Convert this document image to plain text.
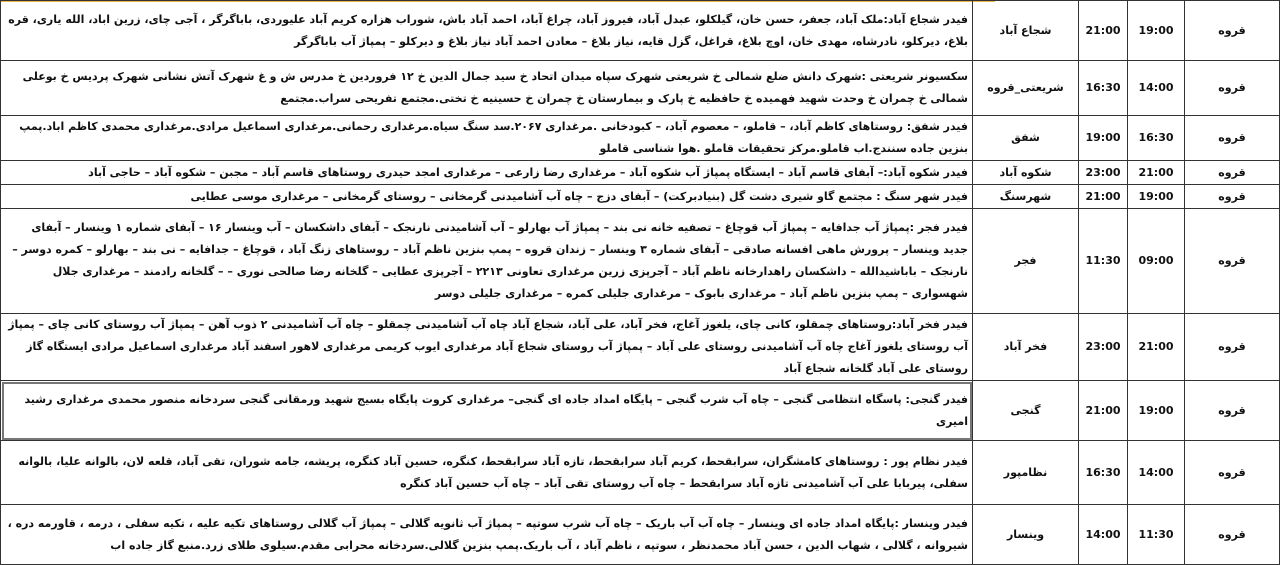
قروه	19:00	21:00	شجاع آباد	فیدر شجاع آباد:ملک آباد، جعفر، حسن خان، گیلکلو، عبدل آباد، فیروز آباد، چراغ آباد، احمد آباد باش، شوراب هزاره کریم آباد علیوردی، باباگرگر ، آجی چای، زرین اباد، الله یاری، قره بلاغ، دیرکلو، نادرشاه، مهدی خان، اوچ بلاغ، قراغل، گزل قایه، نیاز بلاغ – معادن احمد آباد نیاز بلاغ و دیرکلو – پمپاژ آب باباگرگر
قروه	14:00	16:30	شریعتی_قروه	سکسیونر شریعتی :شهرک دانش ضلع شمالی خ شریعتی شهرک سپاه میدان اتحاد خ سید جمال الدین خ ۱۲ فروردین خ مدرس ش و غ شهرک آتش نشانی شهرک پردیس خ بوعلی شمالی خ چمران خ وحدت شهید فهمیده خ حافظیه خ پارک و بیمارستان خ چمران خ حسینیه خ تختی.مجتمع تفریحی سراب.مجتمع
قروه	16:30	19:00	شفق	فیدر شفق: روستاهای کاظم آباد، – قاملو، – معصوم آباد، – کبودخانی .مرغداری ۲۰۶۷.سد سنگ سیاه.مرغداری رحمانی.مرغداری اسماعیل مرادی.مرغداری محمدی کاظم اباد.پمپ بنزین جاده سنندج.اب قاملو.مرکز تحقیقات قاملو .هوا شناسی قاملو
قروه	21:00	23:00	شکوه آباد	فیدر شکوه آباد:– آبفای قاسم آباد – ایستگاه پمپاژ آب شکوه آباد – مرغداری رضا زارعی – مرغداری امجد حیدری روستاهای قاسم آباد – مجبن – شکوه آباد – حاجی آباد
قروه	19:00	21:00	شهرسنگ	فیدر شهر سنگ : مجتمع گاو شیری دشت گل (بنیادبرکت) – آبفای دزج – چاه آب آشامیدنی گرمخانی – روستای گرمخانی – مرغداری موسی عطایی
قروه	09:00	11:30	فجر	فیدر فجر :پمپاژ آب جدافایه – پمپاژ آب قوچاغ – تصفیه خانه نی بند – پمپاژ آب بهارلو – آب آشامیدنی نارنجک – آبفای داشکسان – آب وینسار ۱۶ – آبفای شماره ۱ وینسار – آبفای جدید وینسار – پرورش ماهی افسانه صادقی – آبفای شماره ۳ وینسار – زندان قروه – پمپ بنزین ناظم آباد – روستاهای زنگ آباد ، قوچاغ – جدافایه – نی بند – بهارلو – کمره دوسر – نارنجک – باباشیدالله – داشکسان راهدارخانه ناظم آباد – آجرپزی زرین مرغداری تعاونی ۲۲۱۳ – آجرپزی عطایی – گلخانه رضا صالحی نوری – – گلخانه رادمند – مرغداری جلال شهسواری – پمپ بنزین ناظم آباد – مرغداری بابوک – مرغداری جلیلی کمره – مرغداری جلیلی دوسر
قروه	21:00	23:00	فخر آباد	فیدر فخر آباد:روستاهای چمقلو، کانی چای، یلغوز آغاج، فخر آباد، علی آباد، شجاع آباد چاه آب آشامیدنی چمقلو – چاه آب آشامیدنی ۲ ذوب آهن – پمپاژ آب روستای کانی چای – پمپاژ آب روستای یلغوز آغاج چاه آب آشامیدنی روستای علی آباد – پمپاژ آب روستای شجاع آباد مرغداری ایوب کریمی مرغداری لاهور اسفند آباد مرغداری اسماعیل مرادی ایستگاه گاز روستای علی آباد گلخانه شجاع آباد
قروه	19:00	21:00	گنجی	فیدر گنجی: پاسگاه انتظامی گنجی – چاه آب شرب گنجی – پایگاه امداد جاده ای گنجی– مرغداری کروت پایگاه بسیج شهید ورمقانی گنجی سردخانه منصور محمدی مرغداری رشید امیری
قروه	14:00	16:30	نظامپور	فیدر نظام پور : روستاهای کامشگران، سرابقحط، کریم آباد سرابقحط، تازه آباد سرابقحط، کنگره، حسین آباد کنگره، پریشه، جامه شوران، تقی آباد، قلعه لان، بالوانه علیا، بالوانه سفلی، پیربابا علی آب آشامیدنی تازه آباد سرابقحط – چاه آب روستای تقی آباد – چاه آب حسین آباد کنگره
قروه	11:30	14:00	وینسار	فیدر وینسار :پایگاه امداد جاده ای وینسار – چاه آب آب باریک – چاه آب شرب سوتپه – پمپاژ آب ثانویه گلالی – پمپاژ آب گلالی روستاهای تکیه علیه ، تکیه سفلی ، درمه ، قاورمه دره ، شیروانه ، گلالی ، شهاب الدین ، حسن آباد محمدنظر ، سوتپه ، ناظم آباد ، آب باریک.پمپ بنزین گلالی.سردخانه محرابی مقدم.سیلوی طلای زرد.منبع گاز جاده اب
